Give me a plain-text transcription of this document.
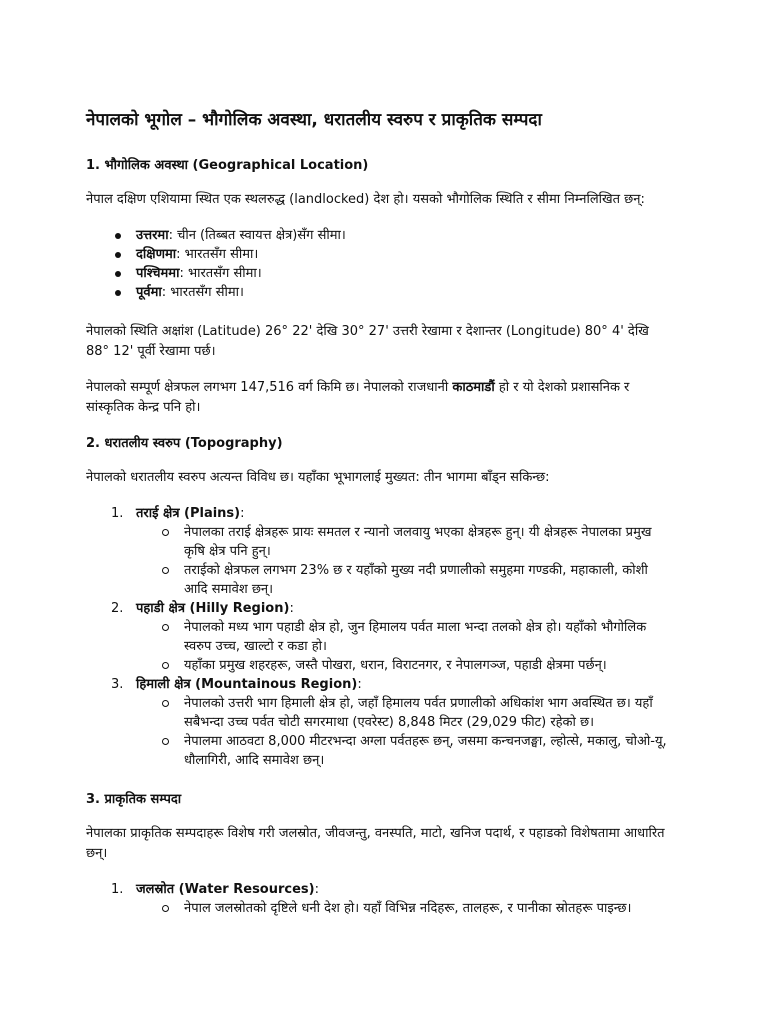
नेपालको भूगोल – भौगोलिक अवस्था, धरातलीय स्वरुप र प्राकृतिक सम्पदा
1. भौगोलिक अवस्था (Geographical Location)

नेपाल दक्षिण एशियामा स्थित एक स्थलरुद्ध (landlocked) देश हो। यसको भौगोलिक स्थिति र सीमा निम्नलिखित छन्:

उत्तरमा: चीन (तिब्बत स्वायत्त क्षेत्र)सँग सीमा।
दक्षिणमा: भारतसँग सीमा।
पश्चिममा: भारतसँग सीमा।
पूर्वमा: भारतसँग सीमा।

नेपालको स्थिति अक्षांश (Latitude) 26° 22' देखि 30° 27' उत्तरी रेखामा र देशान्तर (Longitude) 80° 4' देखि 88° 12' पूर्वी रेखामा पर्छ।

नेपालको सम्पूर्ण क्षेत्रफल लगभग 147,516 वर्ग किमि छ। नेपालको राजधानी काठमाडौं हो र यो देशको प्रशासनिक र सांस्कृतिक केन्द्र पनि हो।

2. धरातलीय स्वरुप (Topography)

नेपालको धरातलीय स्वरुप अत्यन्त विविध छ। यहाँका भूभागलाई मुख्यत: तीन भागमा बाँड्न सकिन्छ:

1. तराई क्षेत्र (Plains):
नेपालका तराई क्षेत्रहरू प्रायः समतल र न्यानो जलवायु भएका क्षेत्रहरू हुन्। यी क्षेत्रहरू नेपालका प्रमुख कृषि क्षेत्र पनि हुन्।
तराईको क्षेत्रफल लगभग 23% छ र यहाँको मुख्य नदी प्रणालीको समुहमा गण्डकी, महाकाली, कोशी आदि समावेश छन्।
2. पहाडी क्षेत्र (Hilly Region):
नेपालको मध्य भाग पहाडी क्षेत्र हो, जुन हिमालय पर्वत माला भन्दा तलको क्षेत्र हो। यहाँको भौगोलिक स्वरुप उच्च, खाल्टो र कडा हो।
यहाँका प्रमुख शहरहरू, जस्तै पोखरा, धरान, विराटनगर, र नेपालगञ्ज, पहाडी क्षेत्रमा पर्छन्।
3. हिमाली क्षेत्र (Mountainous Region):
नेपालको उत्तरी भाग हिमाली क्षेत्र हो, जहाँ हिमालय पर्वत प्रणालीको अधिकांश भाग अवस्थित छ। यहाँ सबैभन्दा उच्च पर्वत चोटी सगरमाथा (एवरेस्ट) 8,848 मिटर (29,029 फीट) रहेको छ।
नेपालमा आठवटा 8,000 मीटरभन्दा अग्ला पर्वतहरू छन्, जसमा कन्चनजङ्घा, ल्होत्से, मकालु, चोओ-यू, धौलागिरी, आदि समावेश छन्।
3. प्राकृतिक सम्पदा

नेपालका प्राकृतिक सम्पदाहरू विशेष गरी जलस्रोत, जीवजन्तु, वनस्पति, माटो, खनिज पदार्थ, र पहाडको विशेषतामा आधारित छन्।

1. जलस्रोत (Water Resources):
नेपाल जलस्रोतको दृष्टिले धनी देश हो। यहाँ विभिन्न नदिहरू, तालहरू, र पानीका स्रोतहरू पाइन्छ।
